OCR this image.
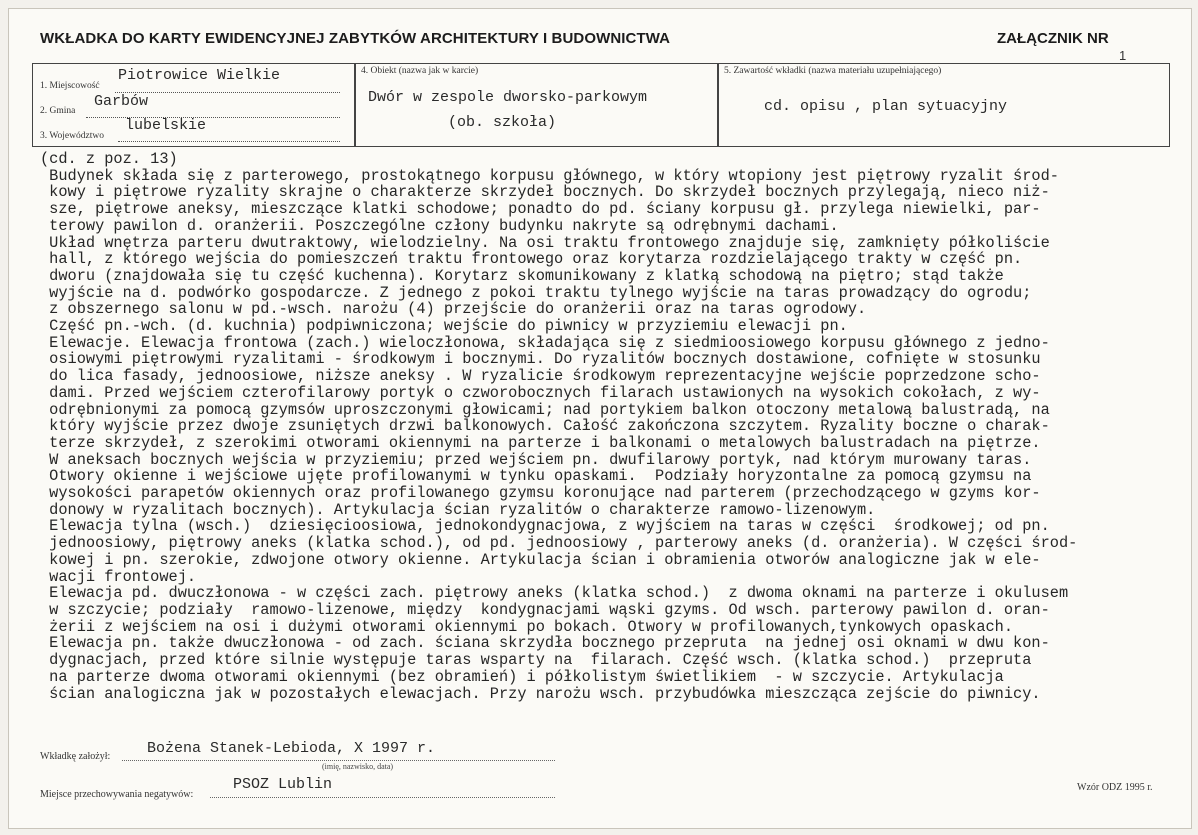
WKŁADKA DO KARTY EWIDENCYJNEJ ZABYTKÓW ARCHITEKTURY I BUDOWNICTWA	ZAŁĄCZNIK NR
1
1. Miejscowość
Piotrowice Wielkie
2. Gmina
Garbów
3. Województwo
lubelskie
4. Obiekt (nazwa jak w karcie)
Dwór w zespole dworsko-parkowym
(ob. szkoła)
5. Zawartość wkładki (nazwa materiału uzupełniającego)
cd. opisu , plan sytuacyjny
(cd. z poz. 13)
Budynek składa się z parterowego, prostokątnego korpusu głównego, w który wtopiony jest piętrowy ryzalit środ-
kowy i piętrowe ryzality skrajne o charakterze skrzydeł bocznych. Do skrzydeł bocznych przylegają, nieco niż-
sze, piętrowe aneksy, mieszczące klatki schodowe; ponadto do pd. ściany korpusu gł. przylega niewielki, par-
terowy pawilon d. oranżerii. Poszczególne człony budynku nakryte są odrębnymi dachami.
Układ wnętrza parteru dwutraktowy, wielodzielny. Na osi traktu frontowego znajduje się, zamknięty półkoliście
hall, z którego wejścia do pomieszczeń traktu frontowego oraz korytarza rozdzielającego trakty w część pn.
dworu (znajdowała się tu część kuchenna). Korytarz skomunikowany z klatką schodową na piętro; stąd także
wyjście na d. podwórko gospodarcze. Z jednego z pokoi traktu tylnego wyjście na taras prowadzący do ogrodu;
z obszernego salonu w pd.-wsch. narożu (4) przejście do oranżerii oraz na taras ogrodowy.
Część pn.-wch. (d. kuchnia) podpiwniczona; wejście do piwnicy w przyziemiu elewacji pn.
Elewacje. Elewacja frontowa (zach.) wieloczłonowa, składająca się z siedmioosiowego korpusu głównego z jedno-
osiowymi piętrowymi ryzalitami - środkowym i bocznymi. Do ryzalitów bocznych dostawione, cofnięte w stosunku
do lica fasady, jednoosiowe, niższe aneksy . W ryzalicie środkowym reprezentacyjne wejście poprzedzone scho-
dami. Przed wejściem czterofilarowy portyk o czworobocznych filarach ustawionych na wysokich cokołach, z wy-
odrębnionymi za pomocą gzymsów uproszczonymi głowicami; nad portykiem balkon otoczony metalową balustradą, na
który wyjście przez dwoje zsuniętych drzwi balkonowych. Całość zakończona szczytem. Ryzality boczne o charak-
terze skrzydeł, z szerokimi otworami okiennymi na parterze i balkonami o metalowych balustradach na piętrze.
W aneksach bocznych wejścia w przyziemiu; przed wejściem pn. dwufilarowy portyk, nad którym murowany taras.
Otwory okienne i wejściowe ujęte profilowanymi w tynku opaskami.  Podziały horyzontalne za pomocą gzymsu na
wysokości parapetów okiennych oraz profilowanego gzymsu koronujące nad parterem (przechodzącego w gzyms kor-
donowy w ryzalitach bocznych). Artykulacja ścian ryzalitów o charakterze ramowo-lizenowym.
Elewacja tylna (wsch.)  dziesięcioosiowa, jednokondygnacjowa, z wyjściem na taras w części  środkowej; od pn.
jednoosiowy, piętrowy aneks (klatka schod.), od pd. jednoosiowy , parterowy aneks (d. oranżeria). W części środ-
kowej i pn. szerokie, zdwojone otwory okienne. Artykulacja ścian i obramienia otworów analogiczne jak w ele-
wacji frontowej.
Elewacja pd. dwuczłonowa - w części zach. piętrowy aneks (klatka schod.)  z dwoma oknami na parterze i okulusem
w szczycie; podziały  ramowo-lizenowe, między  kondygnacjami wąski gzyms. Od wsch. parterowy pawilon d. oran-
żerii z wejściem na osi i dużymi otworami okiennymi po bokach. Otwory w profilowanych,tynkowych opaskach.
Elewacja pn. także dwuczłonowa - od zach. ściana skrzydła bocznego przepruta  na jednej osi oknami w dwu kon-
dygnacjach, przed które silnie występuje taras wsparty na  filarach. Część wsch. (klatka schod.)  przepruta
na parterze dwoma otworami okiennymi (bez obramień) i półkolistym świetlikiem  - w szczycie. Artykulacja
ścian analogiczna jak w pozostałych elewacjach. Przy narożu wsch. przybudówka mieszcząca zejście do piwnicy.
Wkładkę założył: Bożena Stanek-Lebioda, X 1997 r.
(imię, nazwisko, data)
Miejsce przechowywania negatywów:
PSOZ Lublin	Wzór ODZ 1995 r.
